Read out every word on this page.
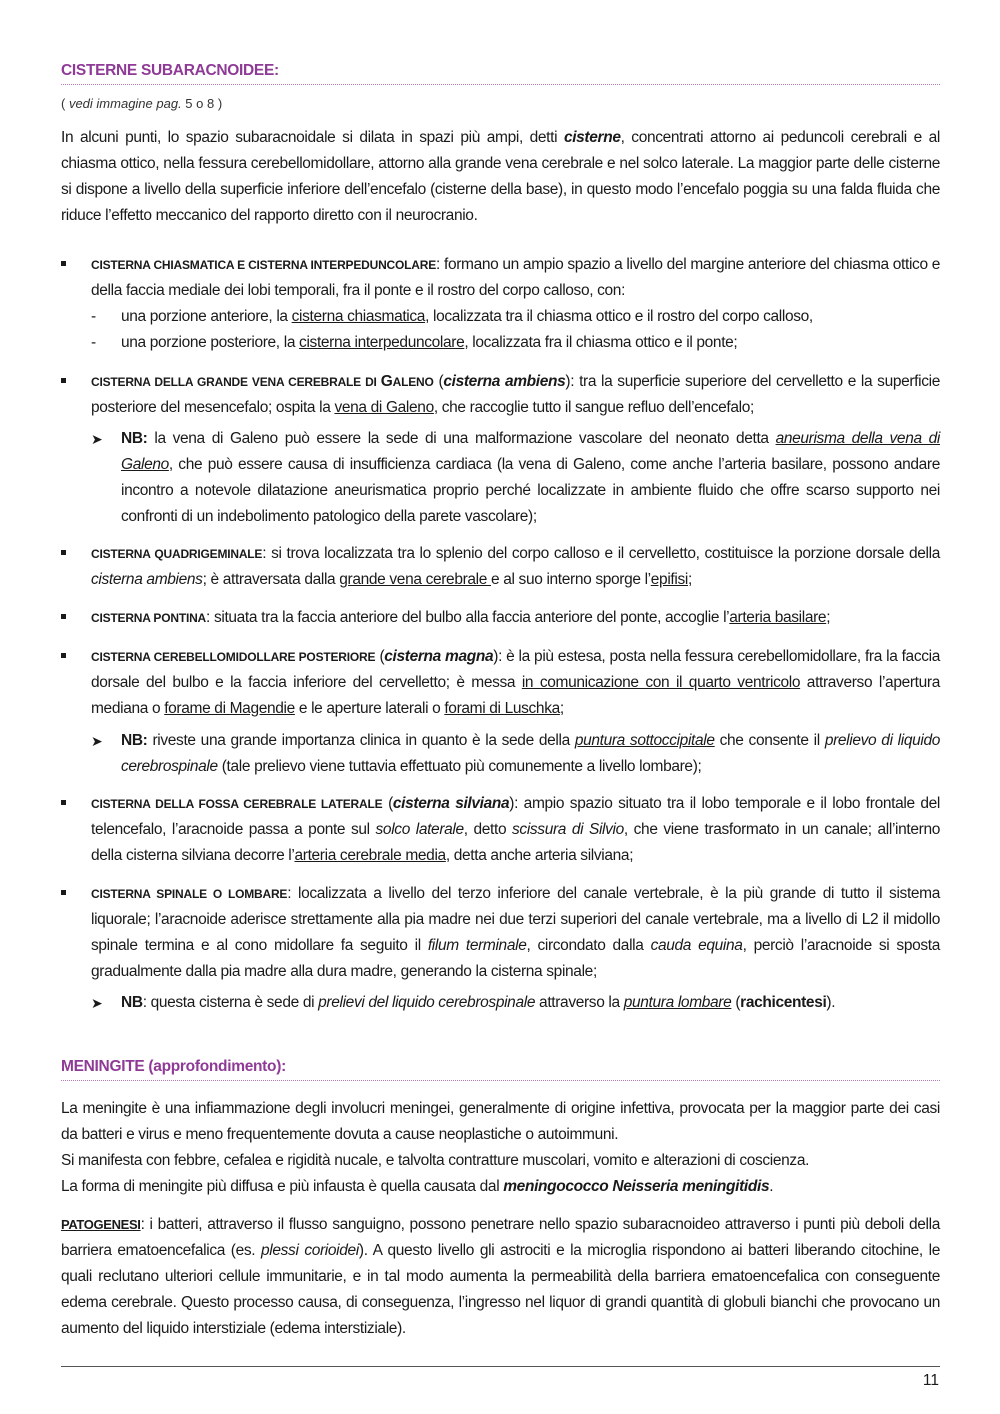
CISTERNE SUBARACNOIDEE:
( vedi immagine pag. 5 o 8 )

In alcuni punti, lo spazio subaracnoidale si dilata in spazi più ampi, detti cisterne, concentrati attorno ai peduncoli cerebrali e al chiasma ottico, nella fessura cerebellomidollare, attorno alla grande vena cerebrale e nel solco laterale. La maggior parte delle cisterne si dispone a livello della superficie inferiore dell’encefalo (cisterne della base), in questo modo l’encefalo poggia su una falda fluida che riduce l’effetto meccanico del rapporto diretto con il neurocranio.

CISTERNA CHIASMATICA E CISTERNA INTERPEDUNCOLARE: formano un ampio spazio a livello del margine anteriore del chiasma ottico e della faccia mediale dei lobi temporali, fra il ponte e il rostro del corpo calloso, con:
- una porzione anteriore, la cisterna chiasmatica, localizzata tra il chiasma ottico e il rostro del corpo calloso,
- una porzione posteriore, la cisterna interpeduncolare, localizzata fra il chiasma ottico e il ponte;
CISTERNA DELLA GRANDE VENA CEREBRALE DI GALENO (cisterna ambiens): tra la superficie superiore del cervelletto e la superficie posteriore del mesencefalo; ospita la vena di Galeno, che raccoglie tutto il sangue refluo dell’encefalo;

➤ NB: la vena di Galeno può essere la sede di una malformazione vascolare del neonato detta aneurisma della vena di Galeno, che può essere causa di insufficienza cardiaca (la vena di Galeno, come anche l’arteria basilare, possono andare incontro a notevole dilatazione aneurismatica proprio perché localizzate in ambiente fluido che offre scarso supporto nei confronti di un indebolimento patologico della parete vascolare);

CISTERNA QUADRIGEMINALE: si trova localizzata tra lo splenio del corpo calloso e il cervelletto, costituisce la porzione dorsale della cisterna ambiens; è attraversata dalla grande vena cerebrale e al suo interno sporge l’epifisi;
CISTERNA PONTINA: situata tra la faccia anteriore del bulbo alla faccia anteriore del ponte, accoglie l’arteria basilare;
CISTERNA CEREBELLOMIDOLLARE POSTERIORE (cisterna magna): è la più estesa, posta nella fessura cerebellomidollare, fra la faccia dorsale del bulbo e la faccia inferiore del cervelletto; è messa in comunicazione con il quarto ventricolo attraverso l’apertura mediana o forame di Magendie e le aperture laterali o forami di Luschka;

➤ NB: riveste una grande importanza clinica in quanto è la sede della puntura sottoccipitale che consente il prelievo di liquido cerebrospinale (tale prelievo viene tuttavia effettuato più comunemente a livello lombare);

CISTERNA DELLA FOSSA CEREBRALE LATERALE (cisterna silviana): ampio spazio situato tra il lobo temporale e il lobo frontale del telencefalo, l’aracnoide passa a ponte sul solco laterale, detto scissura di Silvio, che viene trasformato in un canale; all’interno della cisterna silviana decorre l’arteria cerebrale media, detta anche arteria silviana;
CISTERNA SPINALE O LOMBARE: localizzata a livello del terzo inferiore del canale vertebrale, è la più grande di tutto il sistema liquorale; l’aracnoide aderisce strettamente alla pia madre nei due terzi superiori del canale vertebrale, ma a livello di L2 il midollo spinale termina e al cono midollare fa seguito il filum terminale, circondato dalla cauda equina, perciò l’aracnoide si sposta gradualmente dalla pia madre alla dura madre, generando la cisterna spinale;

➤ NB: questa cisterna è sede di prelievi del liquido cerebrospinale attraverso la puntura lombare (rachicentesi).

MENINGITE (approfondimento):

La meningite è una infiammazione degli involucri meningei, generalmente di origine infettiva, provocata per la maggior parte dei casi da batteri e virus e meno frequentemente dovuta a cause neoplastiche o autoimmuni.

Si manifesta con febbre, cefalea e rigidità nucale, e talvolta contratture muscolari, vomito e alterazioni di coscienza.

La forma di meningite più diffusa e più infausta è quella causata dal meningococco Neisseria meningitidis.

PATOGENESI: i batteri, attraverso il flusso sanguigno, possono penetrare nello spazio subaracnoideo attraverso i punti più deboli della barriera ematoencefalica (es. plessi corioidei). A questo livello gli astrociti e la microglia rispondono ai batteri liberando citochine, le quali reclutano ulteriori cellule immunitarie, e in tal modo aumenta la permeabilità della barriera ematoencefalica con conseguente edema cerebrale. Questo processo causa, di conseguenza, l’ingresso nel liquor di grandi quantità di globuli bianchi che provocano un aumento del liquido interstiziale (edema interstiziale).

11
